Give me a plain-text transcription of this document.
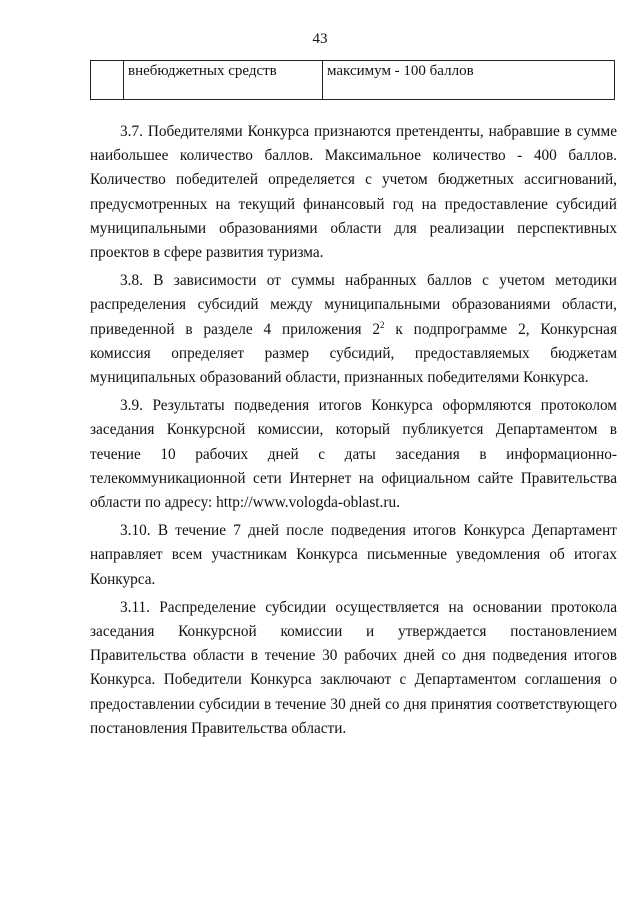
43
	внебюджетных средств	максимум - 100 баллов

3.7. Победителями Конкурса признаются претенденты, набравшие в сумме наибольшее количество баллов. Максимальное количество - 400 баллов. Количество победителей определяется с учетом бюджетных ассигнований, предусмотренных на текущий финансовый год на предоставление субсидий муниципальными образованиями области для реализации перспективных проектов в сфере развития туризма.

3.8. В зависимости от суммы набранных баллов с учетом методики распределения субсидий между муниципальными образованиями области, приведенной в разделе 4 приложения $2^2$ к подпрограмме 2, Конкурсная комиссия определяет размер субсидий, предоставляемых бюджетам муниципальных образований области, признанных победителями Конкурса.

3.9. Результаты подведения итогов Конкурса оформляются протоколом заседания Конкурсной комиссии, который публикуется Департаментом в течение 10 рабочих дней с даты заседания в информационно-телекоммуникационной сети Интернет на официальном сайте Правительства области по адресу: http://www.vologda-oblast.ru.

3.10. В течение 7 дней после подведения итогов Конкурса Департамент направляет всем участникам Конкурса письменные уведомления об итогах Конкурса.

3.11. Распределение субсидии осуществляется на основании протокола заседания Конкурсной комиссии и утверждается постановлением Правительства области в течение 30 рабочих дней со дня подведения итогов Конкурса. Победители Конкурса заключают с Департаментом соглашения о предоставлении субсидии в течение 30 дней со дня принятия соответствующего постановления Правительства области.
